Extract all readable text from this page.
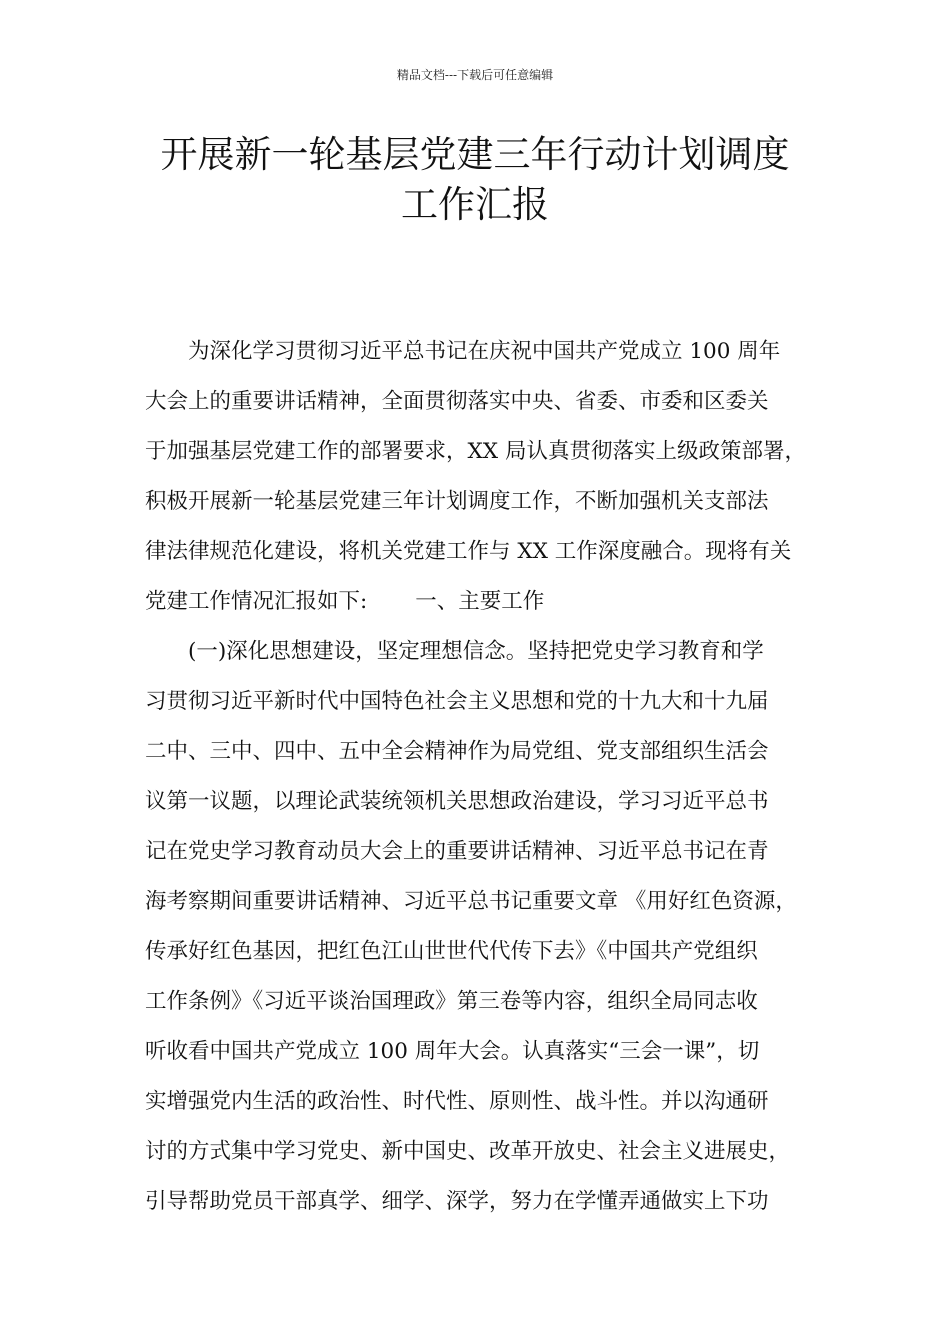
精品文档---下载后可任意编辑
开展新一轮基层党建三年行动计划调度
工作汇报
为深化学习贯彻习近平总书记在庆祝中国共产党成立 100 周年
大会上的重要讲话精神，全面贯彻落实中央、省委、市委和区委关
于加强基层党建工作的部署要求，XX 局认真贯彻落实上级政策部署，
积极开展新一轮基层党建三年计划调度工作，不断加强机关支部法
律法律规范化建设，将机关党建工作与 XX 工作深度融合。现将有关
党建工作情况汇报如下: 一、主要工作
(一)深化思想建设，坚定理想信念。坚持把党史学习教育和学
习贯彻习近平新时代中国特色社会主义思想和党的十九大和十九届
二中、三中、四中、五中全会精神作为局党组、党支部组织生活会
议第一议题，以理论武装统领机关思想政治建设，学习习近平总书
记在党史学习教育动员大会上的重要讲话精神、习近平总书记在青
海考察期间重要讲话精神、习近平总书记重要文章 《用好红色资源，
传承好红色基因，把红色江山世世代代传下去》《中国共产党组织
工作条例》《习近平谈治国理政》第三卷等内容，组织全局同志收
听收看中国共产党成立 100 周年大会。认真落实“三会一课”，切
实增强党内生活的政治性、时代性、原则性、战斗性。并以沟通研
讨的方式集中学习党史、新中国史、改革开放史、社会主义进展史，
引导帮助党员干部真学、细学、深学，努力在学懂弄通做实上下功
